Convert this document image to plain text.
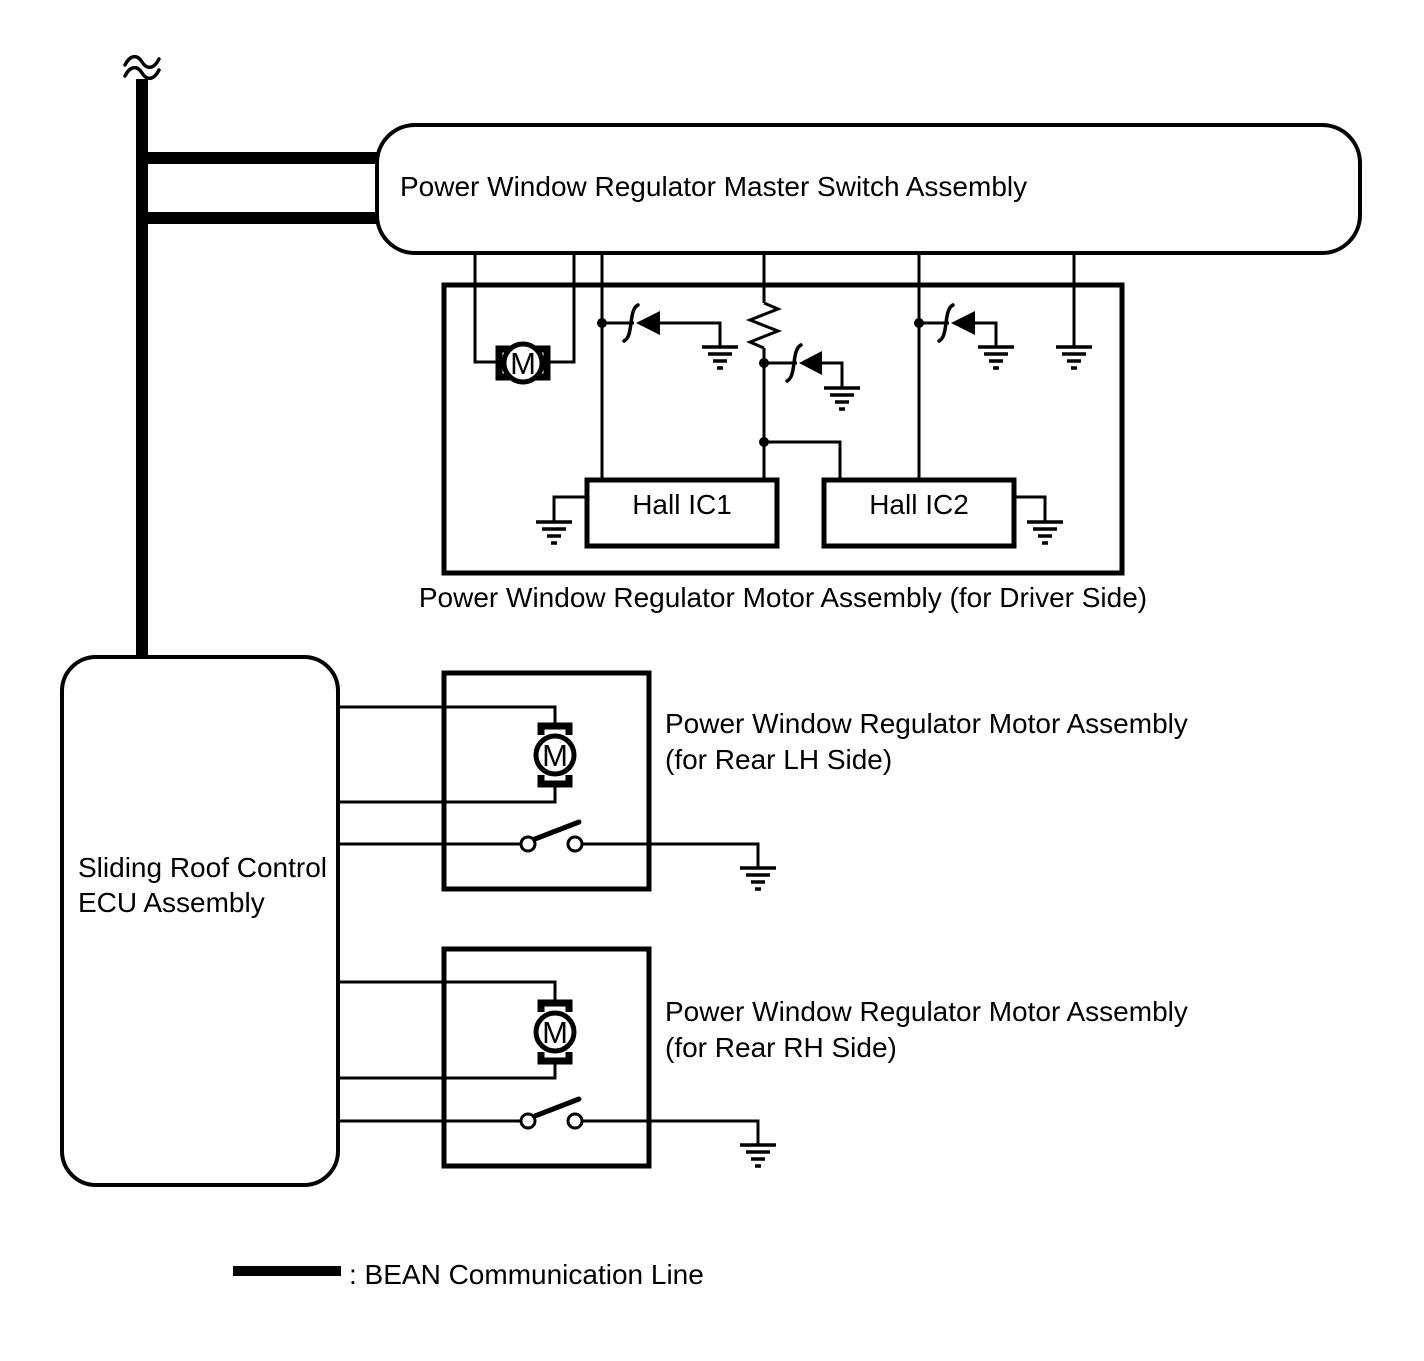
M
Hall IC1	Hall IC2
M
M
Power Window Regulator Master Switch Assembly
Power Window Regulator Motor Assembly (for Driver Side)
Sliding Roof Control
ECU Assembly
Power Window Regulator Motor Assembly
(for Rear LH Side)
Power Window Regulator Motor Assembly
(for Rear RH Side)
: BEAN Communication Line
